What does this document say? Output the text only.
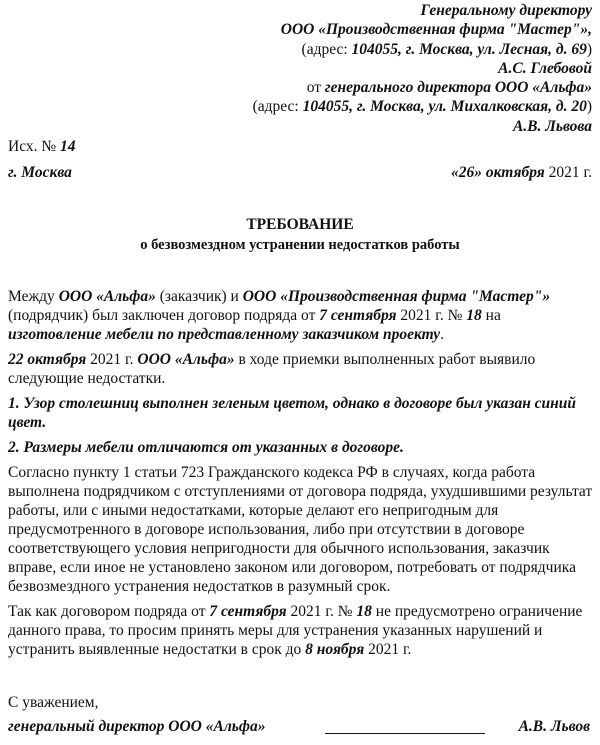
Генеральному директору
ООО «Производственная фирма "Мастер"»,
(адрес: 104055, г. Москва, ул. Лесная, д. 69)
А.С. Глебовой
от генерального директора ООО «Альфа»
(адрес: 104055, г. Москва, ул. Михалковская, д. 20)
А.В. Львова
Исх. № 14
г. Москва	«26» октября 2021 г.
ТРЕБОВАНИЕ
о безвозмездном устранении недостатков работы

Между ООО «Альфа» (заказчик) и ООО «Производственная фирма "Мастер"» (подрядчик) был заключен договор подряда от 7 сентября 2021 г. № 18 на изготовление мебели по представленному заказчиком проекту.

22 октября 2021 г. ООО «Альфа» в ходе приемки выполненных работ выявило следующие недостатки.

1. Узор столешниц выполнен зеленым цветом, однако в договоре был указан синий цвет.

2. Размеры мебели отличаются от указанных в договоре.

Согласно пункту 1 статьи 723 Гражданского кодекса РФ в случаях, когда работа выполнена подрядчиком с отступлениями от договора подряда, ухудшившими результат работы, или с иными недостатками, которые делают его непригодным для предусмотренного в договоре использования, либо при отсутствии в договоре соответствующего условия непригодности для обычного использования, заказчик вправе, если иное не установлено законом или договором, потребовать от подрядчика безвозмездного устранения недостатков в разумный срок.

Так как договором подряда от 7 сентября 2021 г. № 18 не предусмотрено ограничение данного права, то просим принять меры для устранения указанных нарушений и устранить выявленные недостатки в срок до 8 ноября 2021 г.

С уважением,
генеральный директор ООО «Альфа»	А.В. Львов
